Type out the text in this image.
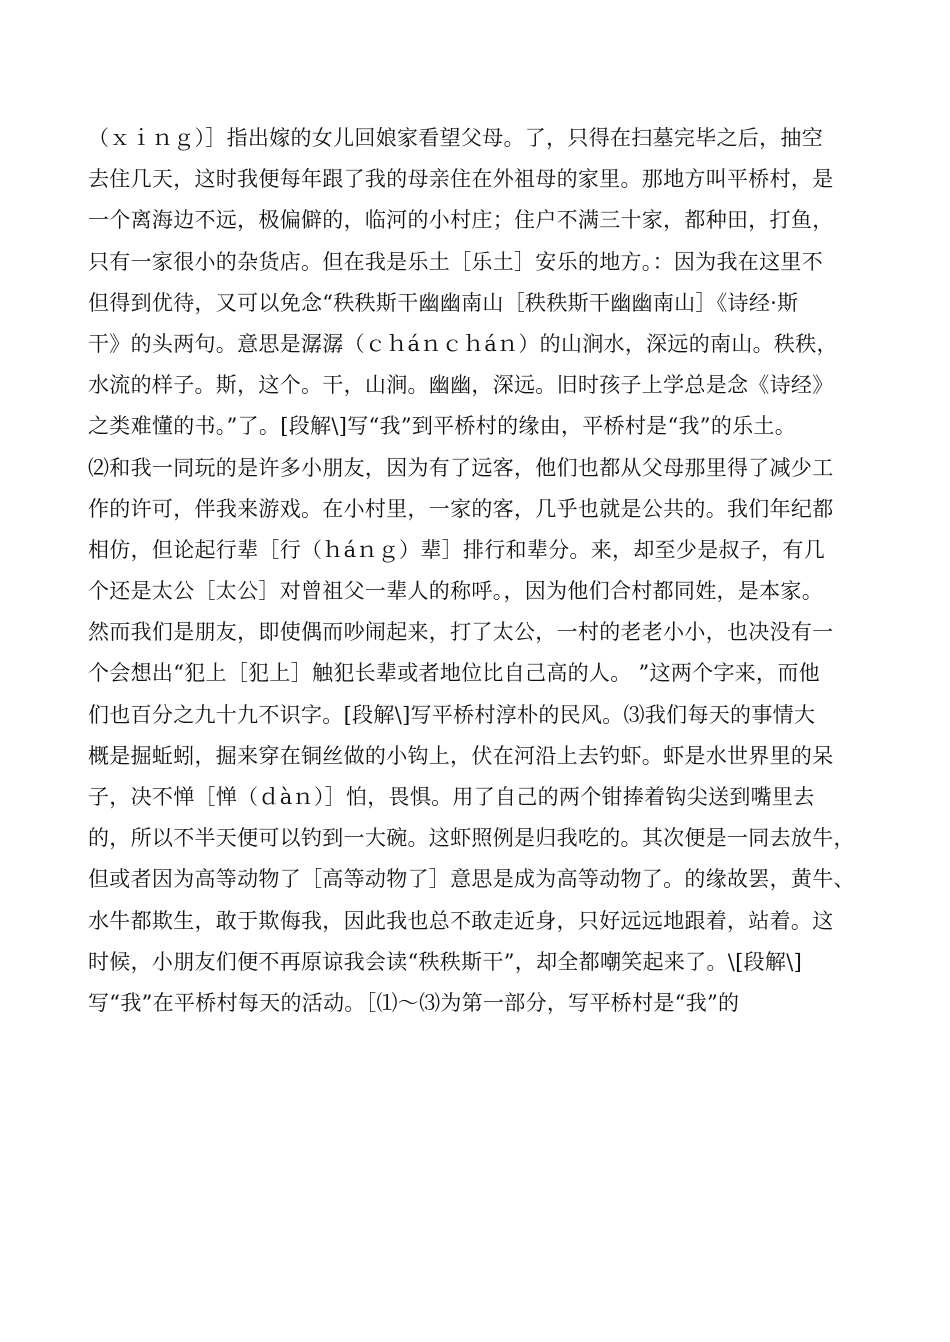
（ｘｉｎｇ）］指出嫁的女儿回娘家看望父母。了，只得在扫墓完毕之后，抽空
去住几天，这时我便每年跟了我的母亲住在外祖母的家里。那地方叫平桥村，是
一个离海边不远，极偏僻的，临河的小村庄；住户不满三十家，都种田，打鱼，
只有一家很小的杂货店。但在我是乐土［乐土］安乐的地方。：因为我在这里不
但得到优待，又可以免念“秩秩斯干幽幽南山［秩秩斯干幽幽南山］《诗经·斯
干》的头两句。意思是潺潺（ｃｈáｎｃｈáｎ）的山涧水，深远的南山。秩秩，
水流的样子。斯，这个。干，山涧。幽幽，深远。旧时孩子上学总是念《诗经》
之类难懂的书。”了。[段解\]写“我”到平桥村的缘由，平桥村是“我”的乐土。
⑵和我一同玩的是许多小朋友，因为有了远客，他们也都从父母那里得了减少工
作的许可，伴我来游戏。在小村里，一家的客，几乎也就是公共的。我们年纪都
相仿，但论起行辈［行（ｈáｎｇ）辈］排行和辈分。来，却至少是叔子，有几
个还是太公［太公］对曾祖父一辈人的称呼。，因为他们合村都同姓，是本家。
然而我们是朋友，即使偶而吵闹起来，打了太公，一村的老老小小，也决没有一
个会想出“犯上［犯上］触犯长辈或者地位比自己高的人。 ”这两个字来，而他
们也百分之九十九不识字。[段解\]写平桥村淳朴的民风。⑶我们每天的事情大
概是掘蚯蚓，掘来穿在铜丝做的小钩上，伏在河沿上去钓虾。虾是水世界里的呆
子，决不惮［惮（ｄàｎ）］怕，畏惧。用了自己的两个钳捧着钩尖送到嘴里去
的，所以不半天便可以钓到一大碗。这虾照例是归我吃的。其次便是一同去放牛，
但或者因为高等动物了［高等动物了］意思是成为高等动物了。的缘故罢，黄牛、
水牛都欺生，敢于欺侮我，因此我也总不敢走近身，只好远远地跟着，站着。这
时候，小朋友们便不再原谅我会读“秩秩斯干”，却全都嘲笑起来了。\[段解\]
写“我”在平桥村每天的活动。［⑴～⑶为第一部分，写平桥村是“我”的
